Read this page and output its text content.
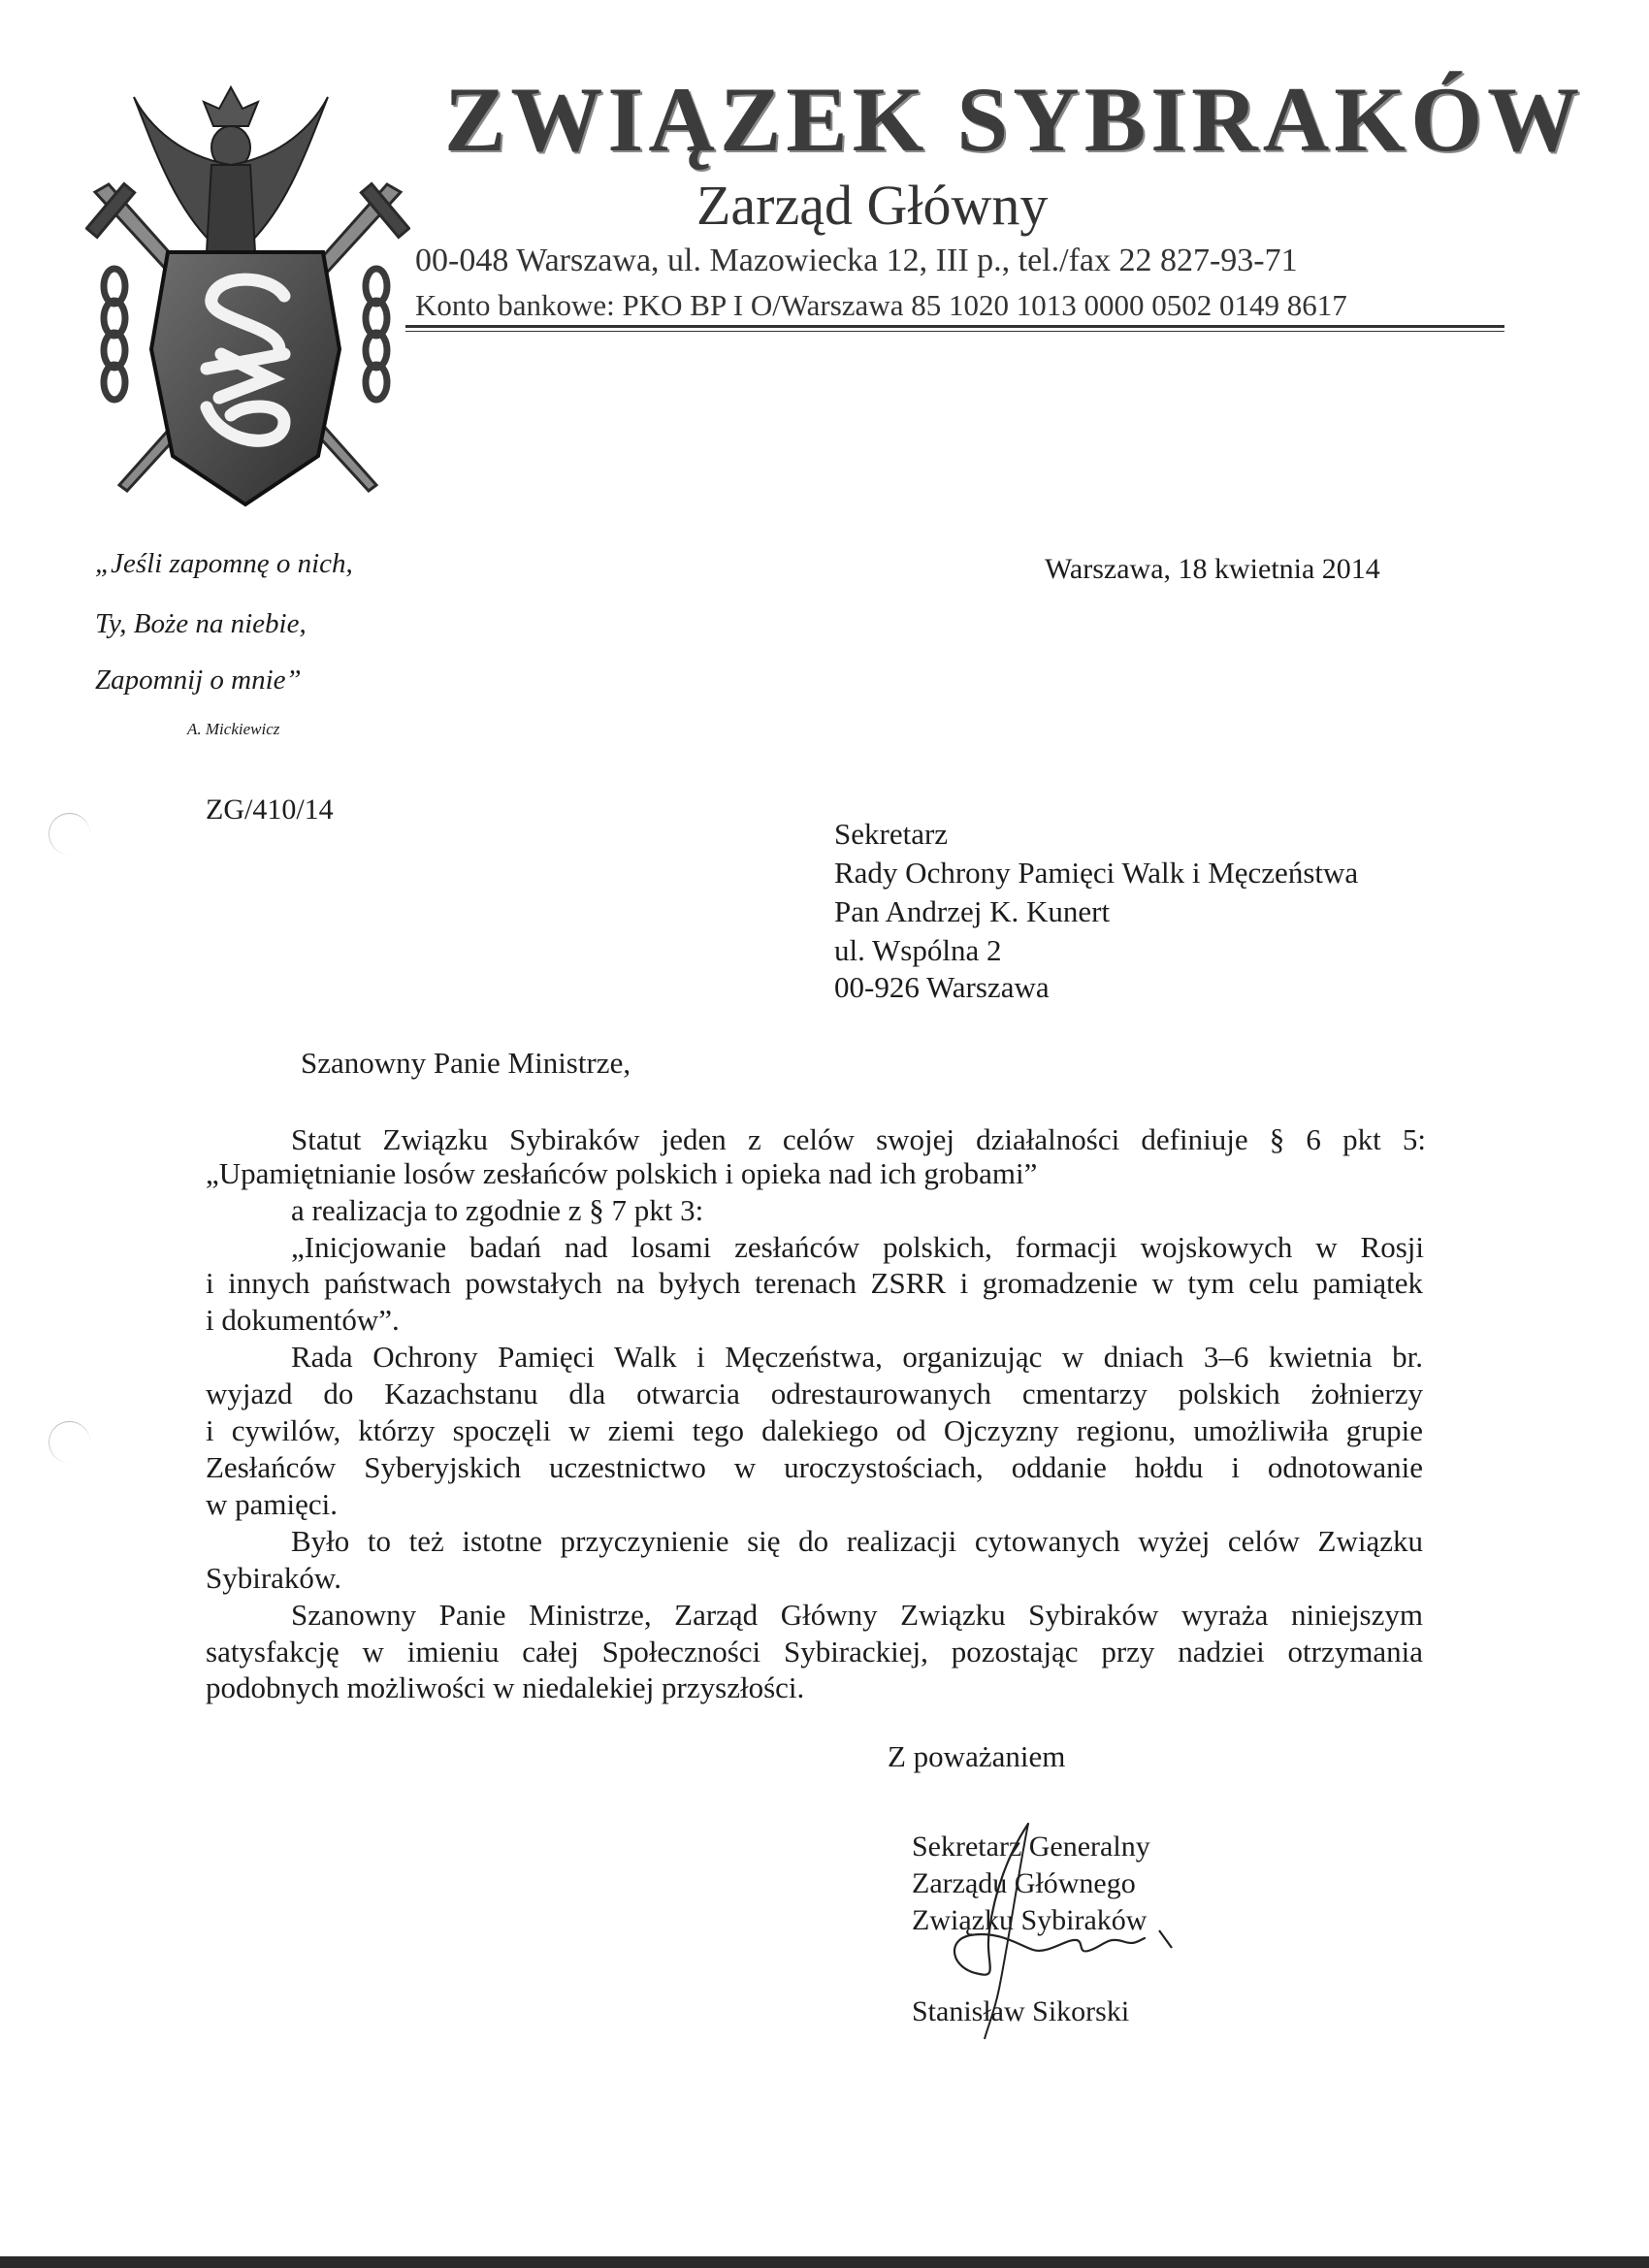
ZWIĄZEK SYBIRAKÓW
Zarząd Główny
00-048 Warszawa, ul. Mazowiecka 12, III p., tel./fax 22 827-93-71
Konto bankowe: PKO BP I O/Warszawa 85 1020 1013 0000 0502 0149 8617
„Jeśli zapomnę o nich,
Ty, Boże na niebie,
Zapomnij o mnie”
A. Mickiewicz
Warszawa, 18 kwietnia 2014
ZG/410/14
Sekretarz
Rady Ochrony Pamięci Walk i Męczeństwa
Pan Andrzej K. Kunert
ul. Wspólna 2
00-926 Warszawa
Szanowny Panie Ministrze,
Statut Związku Sybiraków jeden z celów swojej działalności definiuje § 6 pkt 5:
„Upamiętnianie losów zesłańców polskich i opieka nad ich grobami”
a realizacja to zgodnie z § 7 pkt 3:
„Inicjowanie badań nad losami zesłańców polskich, formacji wojskowych w Rosji
i innych państwach powstałych na byłych terenach ZSRR i gromadzenie w tym celu pamiątek
i dokumentów”.
Rada Ochrony Pamięci Walk i Męczeństwa, organizując w dniach 3–6 kwietnia br.
wyjazd do Kazachstanu dla otwarcia odrestaurowanych cmentarzy polskich żołnierzy
i cywilów, którzy spoczęli w ziemi tego dalekiego od Ojczyzny regionu, umożliwiła grupie
Zesłańców Syberyjskich uczestnictwo w uroczystościach, oddanie hołdu i odnotowanie
w pamięci.
Było to też istotne przyczynienie się do realizacji cytowanych wyżej celów Związku
Sybiraków.
Szanowny Panie Ministrze, Zarząd Główny Związku Sybiraków wyraża niniejszym
satysfakcję w imieniu całej Społeczności Sybirackiej, pozostając przy nadziei otrzymania
podobnych możliwości w niedalekiej przyszłości.
Z poważaniem
Sekretarz Generalny
Zarządu Głównego
Związku Sybiraków
Stanisław Sikorski
